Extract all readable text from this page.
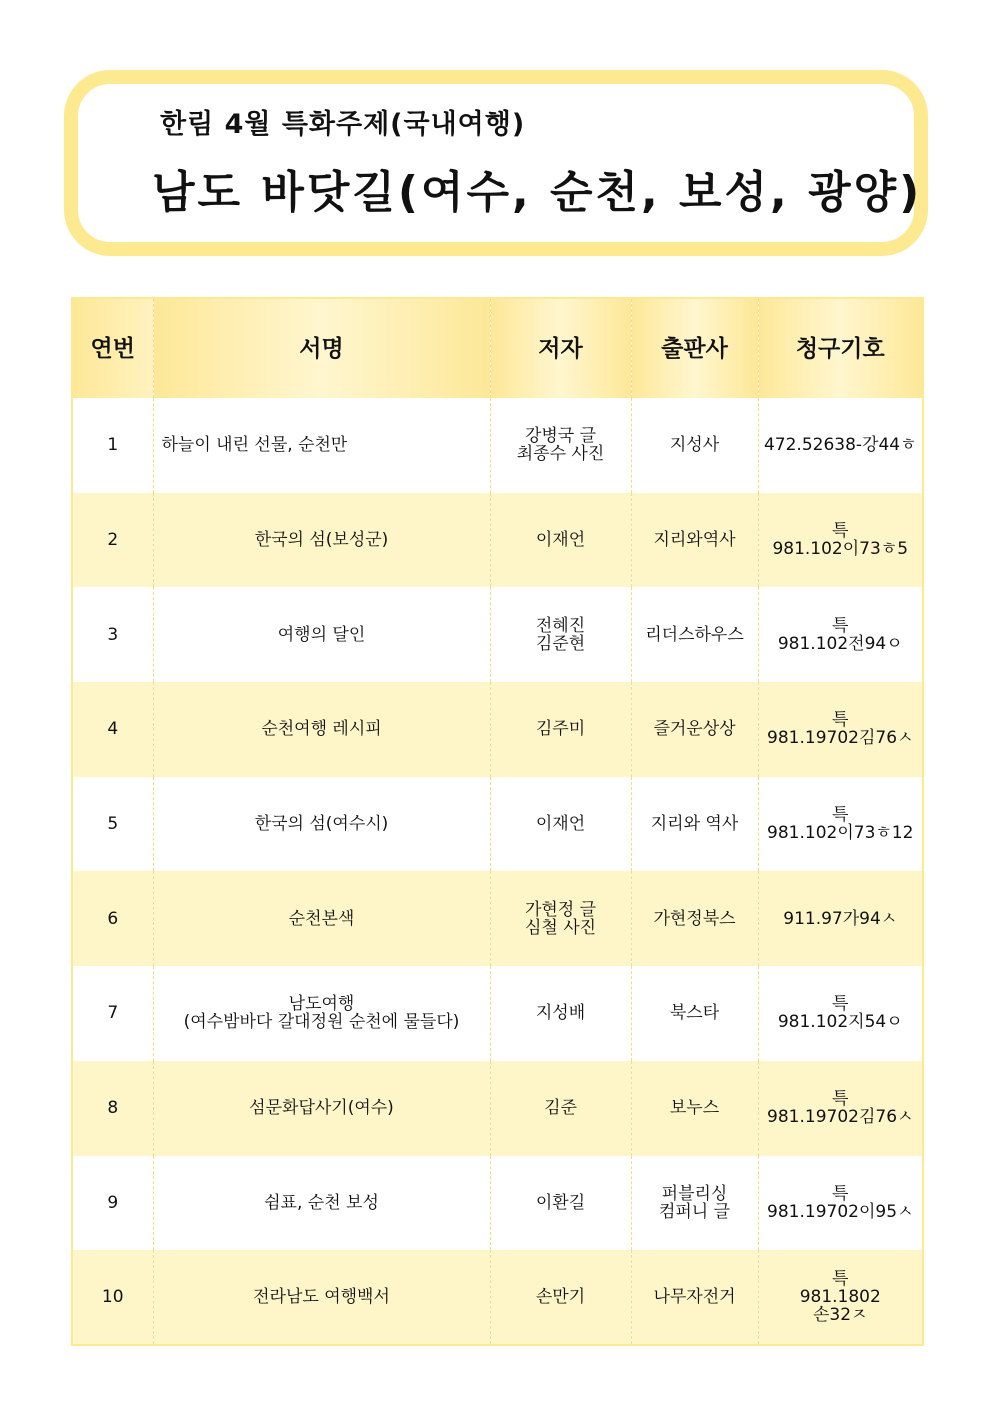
한림 4월 특화주제(국내여행)
남도 바닷길(여수, 순천, 보성, 광양)
연번	서명	저자	출판사	청구기호
1	하늘이 내린 선물, 순천만	강병국 글
최종수 사진	지성사	472.52638-강44ㅎ
2	한국의 섬(보성군)	이재언	지리와역사	특
981.102이73ㅎ5
3	여행의 달인	전혜진
김준현	리더스하우스	특
981.102전94ㅇ
4	순천여행 레시피	김주미	즐거운상상	특
981.19702김76ㅅ
5	한국의 섬(여수시)	이재언	지리와 역사	특
981.102이73ㅎ12
6	순천본색	가현정 글
심철 사진	가현정북스	911.97가94ㅅ
7	남도여행
(여수밤바다 갈대정원 순천에 물들다)	지성배	북스타	특
981.102지54ㅇ
8	섬문화답사기(여수)	김준	보누스	특
981.19702김76ㅅ
9	쉼표, 순천 보성	이환길	퍼블리싱
컴퍼니 글	특
981.19702이95ㅅ
10	전라남도 여행백서	손만기	나무자전거	특
981.1802
손32ㅈ
